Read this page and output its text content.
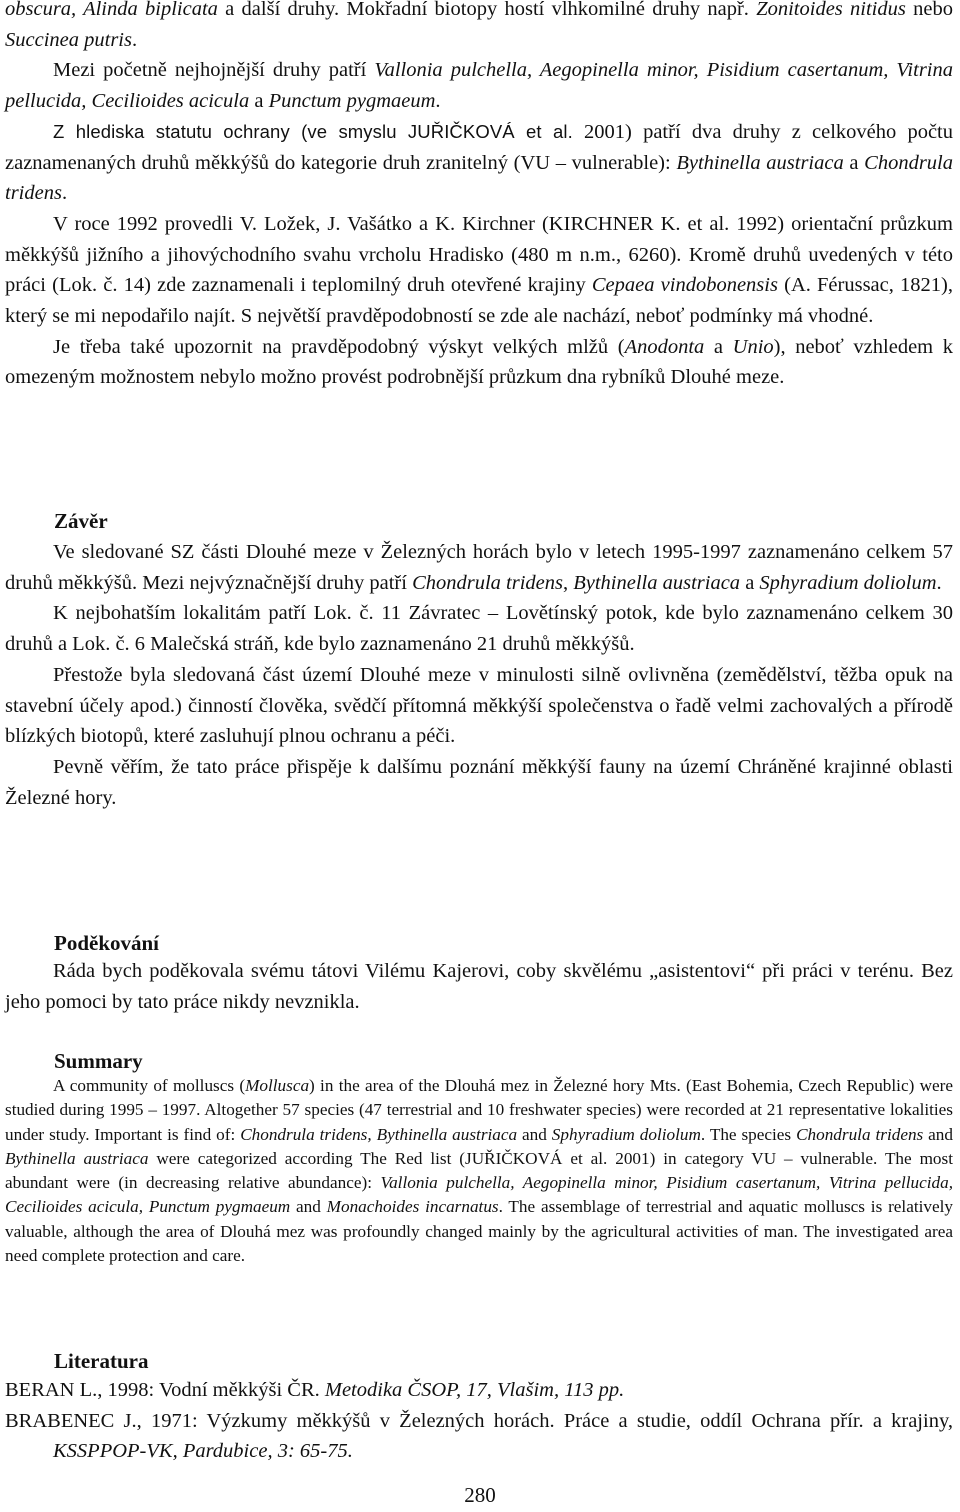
obscura, Alinda biplicata a další druhy. Mokřadní biotopy hostí vlhkomilné druhy např. Zonitoides nitidus nebo Succinea putris.

Mezi početně nejhojnější druhy patří Vallonia pulchella, Aegopinella minor, Pisidium casertanum, Vitrina pellucida, Cecilioides acicula a Punctum pygmaeum.

Z hlediska statutu ochrany (ve smyslu JUŘIČKOVÁ et al. 2001) patří dva druhy z celkového počtu zaznamenaných druhů měkkýšů do kategorie druh zranitelný (VU – vulnerable): Bythinella austriaca a Chondrula tridens.

V roce 1992 provedli V. Ložek, J. Vašátko a K. Kirchner (KIRCHNER K. et al. 1992) orientační průzkum měkkýšů jižního a jihovýchodního svahu vrcholu Hradisko (480 m n.m., 6260). Kromě druhů uvedených v této práci (Lok. č. 14) zde zaznamenali i teplomilný druh otevřené krajiny Cepaea vindobonensis (A. Férussac, 1821), který se mi nepodařilo najít. S největší pravděpodobností se zde ale nachází, neboť podmínky má vhodné.

Je třeba také upozornit na pravděpodobný výskyt velkých mlžů (Anodonta a Unio), neboť vzhledem k omezeným možnostem nebylo možno provést podrobnější průzkum dna rybníků Dlouhé meze.

Závěr

Ve sledované SZ části Dlouhé meze v Železných horách bylo v letech 1995-1997 zaznamenáno celkem 57 druhů měkkýšů. Mezi nejvýznačnější druhy patří Chondrula tridens, Bythinella austriaca a Sphyradium doliolum.

K nejbohatším lokalitám patří Lok. č. 11 Závratec – Lovětínský potok, kde bylo zaznamenáno celkem 30 druhů a Lok. č. 6 Malečská stráň, kde bylo zaznamenáno 21 druhů měkkýšů.

Přestože byla sledovaná část území Dlouhé meze v minulosti silně ovlivněna (zemědělství, těžba opuk na stavební účely apod.) činností člověka, svědčí přítomná měkkýší společenstva o řadě velmi zachovalých a přírodě blízkých biotopů, které zasluhují plnou ochranu a péči.

Pevně věřím, že tato práce přispěje k dalšímu poznání měkkýší fauny na území Chráněné krajinné oblasti Železné hory.

Poděkování

Ráda bych poděkovala svému tátovi Vilému Kajerovi, coby skvělému „asistentovi“ při práci v terénu. Bez jeho pomoci by tato práce nikdy nevznikla.

Summary

A community of molluscs (Mollusca) in the area of the Dlouhá mez in Železné hory Mts. (East Bohemia, Czech Republic) were studied during 1995 – 1997. Altogether 57 species (47 terrestrial and 10 freshwater species) were recorded at 21 representative lokalities under study. Important is find of: Chondrula tridens, Bythinella austriaca and Sphyradium doliolum. The species Chondrula tridens and Bythinella austriaca were categorized according The Red list (JUŘIČKOVÁ et al. 2001) in category VU – vulnerable. The most abundant were (in decreasing relative abundance): Vallonia pulchella, Aegopinella minor, Pisidium casertanum, Vitrina pellucida, Cecilioides acicula, Punctum pygmaeum and Monachoides incarnatus. The assemblage of terrestrial and aquatic molluscs is relatively valuable, although the area of Dlouhá mez was profoundly changed mainly by the agricultural activities of man. The investigated area need complete protection and care.

Literatura

BERAN L., 1998: Vodní měkkýši ČR. Metodika ČSOP, 17, Vlašim, 113 pp.

BRABENEC J., 1971: Výzkumy měkkýšů v Železných horách. Práce a studie, oddíl Ochrana přír. a krajiny, KSSPPOP-VK, Pardubice, 3: 65-75.

280
